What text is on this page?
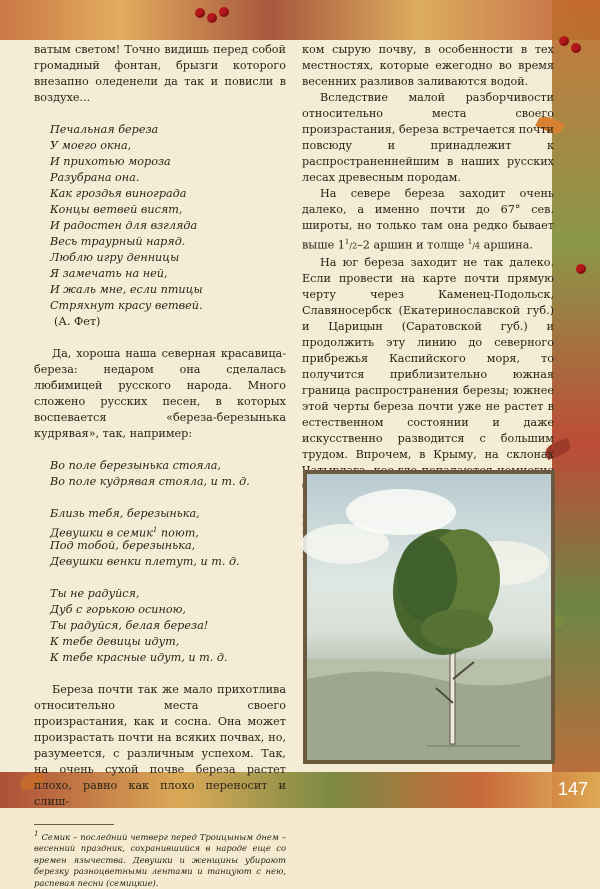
ватым светом! Точно видишь перед собой громадный фонтан, брызги которого внезапно оледенели да так и повисли в воздухе...

Печальная береза
У моего окна,
И прихотью мороза
Разубрана она.
Как гроздья винограда
Концы ветвей висят,
И радостен для взгляда
Весь траурный наряд.
Люблю игру денницы
Я замечать на ней,
И жаль мне, если птицы
Стряхнут красу ветвей.
(А. Фет)

Да, хороша наша северная красавица-береза: недаром она сделалась любимицей русского народа. Много сложено русских песен, в которых воспевается «береза-березынька кудрявая», так, например:

Во поле березынька стояла,
Во поле кудрявая стояла, и т. д.
Близь тебя, березынька,
Девушки в семик$^1$ поют,
Под тобой, березынька,
Девушки венки плетут, и т. д.
Ты не радуйся,
Дуб с горькою осиною,
Ты радуйся, белая береза!
К тебе девицы идут,
К тебе красные идут, и т. д.

Береза почти так же мало прихотлива относительно места своего произрастания, как и сосна. Она может произрастать почти на всяких почвах, но, разумеется, с различным успехом. Так, на очень сухой почве береза растет плохо, равно как плохо переносит и слиш-

$^1$ Семик – последний четверг перед Троицыным днем – весенний праздник, сохранившийся в народе еще со времен язычества. Девушки и женщины убирают березку разноцветными лентами и танцуют с нею, распевая песни (семицкие).

ком сырую почву, в особенности в тех местностях, которые ежегодно во время весенних разливов заливаются водой.

Вследствие малой разборчивости относительно места своего произрастания, береза встречается почти повсюду и принадлежит к распространеннейшим в наших русских лесах древесным породам.

На севере береза заходит очень далеко, а именно почти до 67° сев. широты, но только там она редко бывает выше $1^1/2-2$ аршин и толще $^1$/4 аршина.

На юг береза заходит не так далеко. Если провести на карте почти прямую черту через Каменец-Подольск, Славяносербск (Екатеринославской губ.) и Царицын (Саратовской губ.) и продолжить эту линию до северного прибрежья Каспийского моря, то получится приблизительно южная граница распространения березы; южнее этой черты береза почти уже не растет в естественном состоянии и даже искусственно разводится с большим трудом. Впрочем, в Крыму, на склонах

147
